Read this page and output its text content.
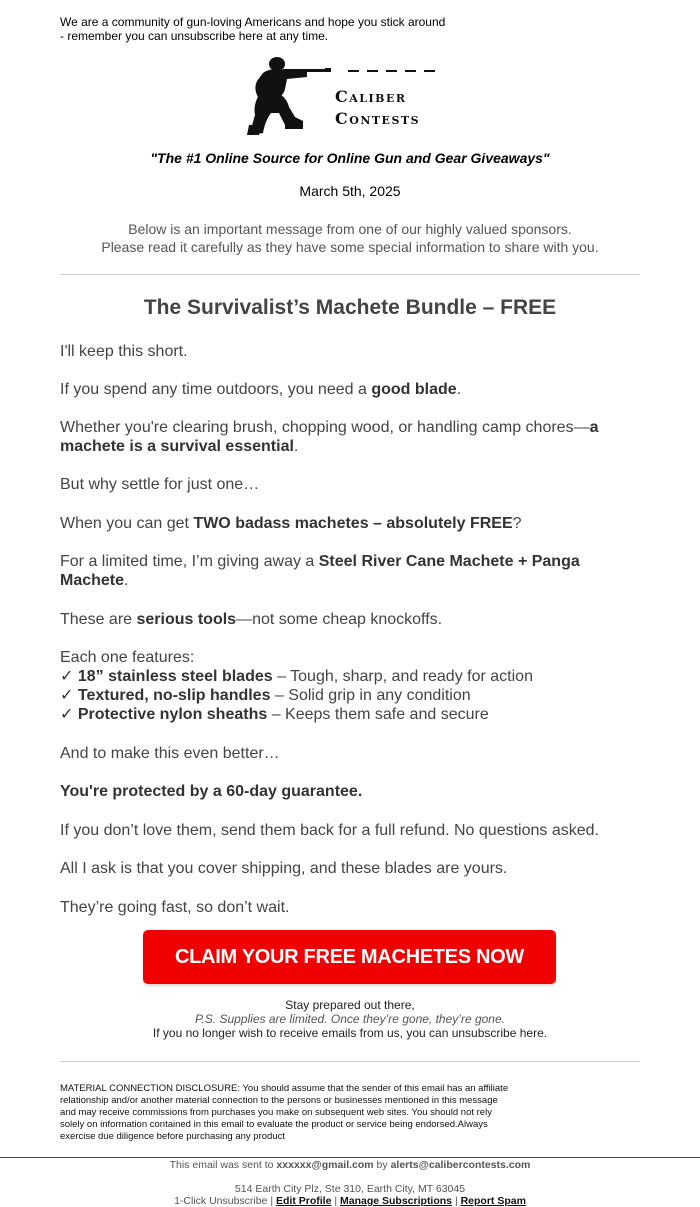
We are a community of gun-loving Americans and hope you stick around
- remember you can unsubscribe here at any time.
Caliber
Contests
"The #1 Online Source for Online Gun and Gear Giveaways"
March 5th, 2025
Below is an important message from one of our highly valued sponsors.
Please read it carefully as they have some special information to share with you.
The Survivalist’s Machete Bundle – FREE
I'll keep this short.
If you spend any time outdoors, you need a good blade.
Whether you're clearing brush, chopping wood, or handling camp chores—a machete is a survival essential.
But why settle for just one…
When you can get TWO badass machetes – absolutely FREE?
For a limited time, I’m giving away a Steel River Cane Machete + Panga Machete.
These are serious tools—not some cheap knockoffs.
Each one features:
✓ 18” stainless steel blades – Tough, sharp, and ready for action
✓ Textured, no-slip handles – Solid grip in any condition
✓ Protective nylon sheaths – Keeps them safe and secure
And to make this even better…
You're protected by a 60-day guarantee.
If you don’t love them, send them back for a full refund. No questions asked.
All I ask is that you cover shipping, and these blades are yours.
They’re going fast, so don’t wait.
CLAIM YOUR FREE MACHETES NOW
Stay prepared out there,
P.S. Supplies are limited. Once they’re gone, they’re gone.
If you no longer wish to receive emails from us, you can unsubscribe here.
MATERIAL CONNECTION DISCLOSURE: You should assume that the sender of this email has an affiliate relationship and/or another material connection to the persons or businesses mentioned in this message and may receive commissions from purchases you make on subsequent web sites. You should not rely solely on information contained in this email to evaluate the product or service being endorsed.Always exercise due diligence before purchasing any product
This email was sent to xxxxxx@gmail.com by alerts@calibercontests.com
514 Earth City Plz, Ste 310, Earth City, MT 63045
1-Click Unsubscribe | Edit Profile | Manage Subscriptions | Report Spam
